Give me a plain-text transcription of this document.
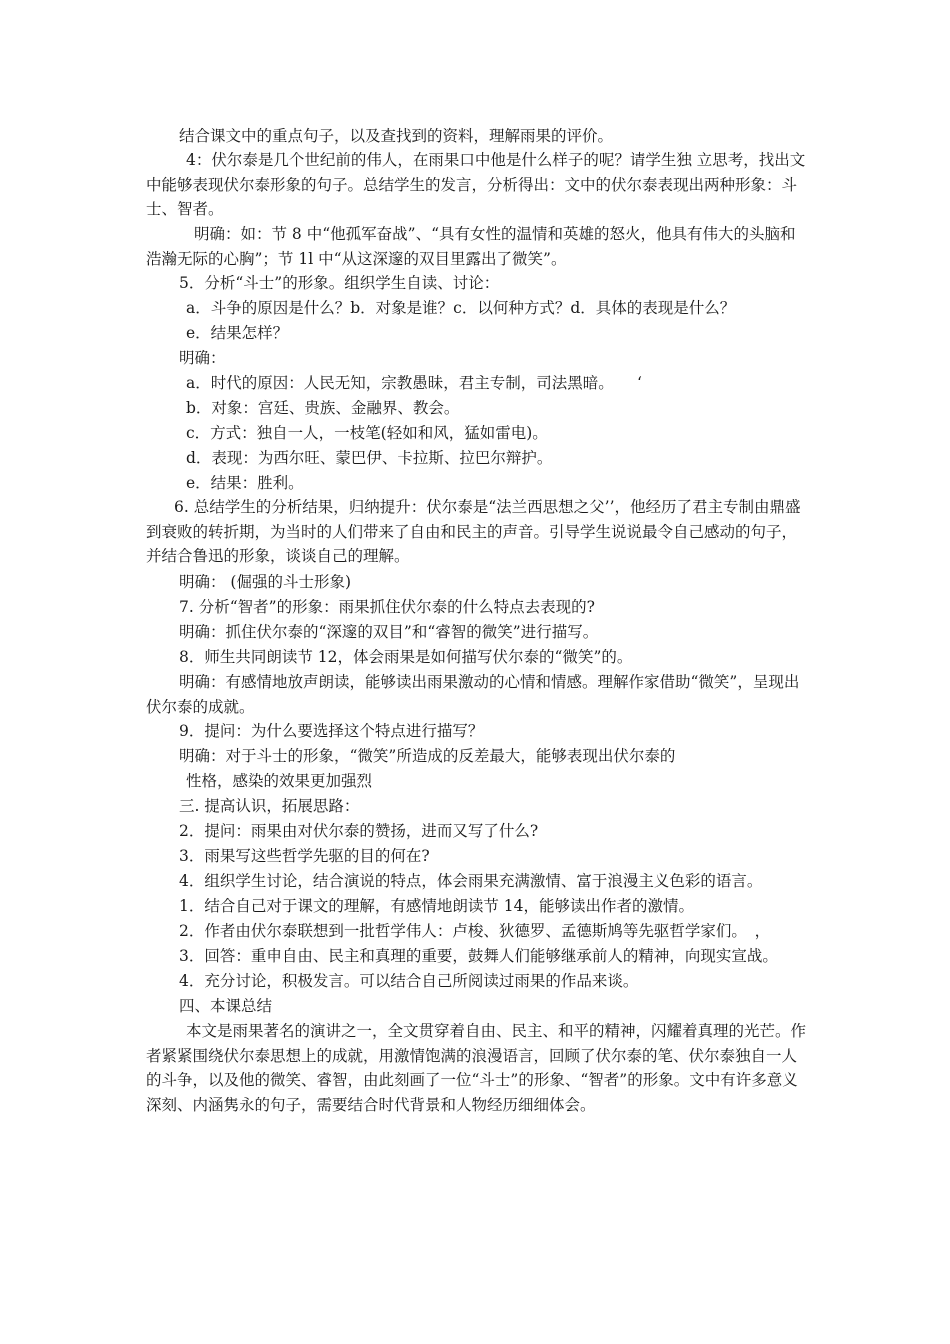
结合课文中的重点句子，以及查找到的资料，理解雨果的评价。

4：伏尔泰是几个世纪前的伟人，在雨果口中他是什么样子的呢？请学生独 立思考，找出文中能够表现伏尔泰形象的句子。总结学生的发言，分析得出：文中的伏尔泰表现出两种形象：斗士、智者。

明确：如：节 8 中“他孤军奋战”、“具有女性的温情和英雄的怒火，他具有伟大的头脑和浩瀚无际的心胸”；节 1l 中“从这深邃的双目里露出了微笑”。

5．分析“斗士”的形象。组织学生自读、讨论：

a．斗争的原因是什么？b．对象是谁？c．以何种方式？d．具体的表现是什么？

e．结果怎样？

明确：

a．时代的原因：人民无知，宗教愚昧，君主专制，司法黑暗。　　‘

b．对象：宫廷、贵族、金融界、教会。

c．方式：独自一人，一枝笔(轻如和风，猛如雷电)。

d．表现：为西尔旺、蒙巴伊、卡拉斯、拉巴尔辩护。

e．结果：胜利。

6. 总结学生的分析结果，归纳提升：伏尔泰是“法兰西思想之父’’，他经历了君主专制由鼎盛到衰败的转折期，为当时的人们带来了自由和民主的声音。引导学生说说最令自己感动的句子，并结合鲁迅的形象，谈谈自己的理解。

明确： (倔强的斗士形象)

7. 分析“智者”的形象：雨果抓住伏尔泰的什么特点去表现的?

明确：抓住伏尔泰的“深邃的双目”和“睿智的微笑”进行描写。

8．师生共同朗读节 12，体会雨果是如何描写伏尔泰的“微笑”的。

明确：有感情地放声朗读，能够读出雨果激动的心情和情感。理解作家借助“微笑”，呈现出伏尔泰的成就。

9．提问：为什么要选择这个特点进行描写？

明确：对于斗士的形象，“微笑”所造成的反差最大，能够表现出伏尔泰的

性格，感染的效果更加强烈

三. 提高认识，拓展思路：

2．提问：雨果由对伏尔泰的赞扬，进而又写了什么?

3．雨果写这些哲学先驱的目的何在?

4．组织学生讨论，结合演说的特点，体会雨果充满激情、富于浪漫主义色彩的语言。

1．结合自己对于课文的理解，有感情地朗读节 14，能够读出作者的激情。

2．作者由伏尔泰联想到一批哲学伟人：卢梭、狄德罗、孟德斯鸠等先驱哲学家们。　，

3．回答：重申自由、民主和真理的重要，鼓舞人们能够继承前人的精神，向现实宣战。

4．充分讨论，积极发言。可以结合自己所阅读过雨果的作品来谈。

四、本课总结

本文是雨果著名的演讲之一，全文贯穿着自由、民主、和平的精神，闪耀着真理的光芒。作者紧紧围绕伏尔泰思想上的成就，用激情饱满的浪漫语言，回顾了伏尔泰的笔、伏尔泰独自一人的斗争，以及他的微笑、睿智，由此刻画了一位“斗士”的形象、“智者”的形象。文中有许多意义深刻、内涵隽永的句子，需要结合时代背景和人物经历细细体会。
